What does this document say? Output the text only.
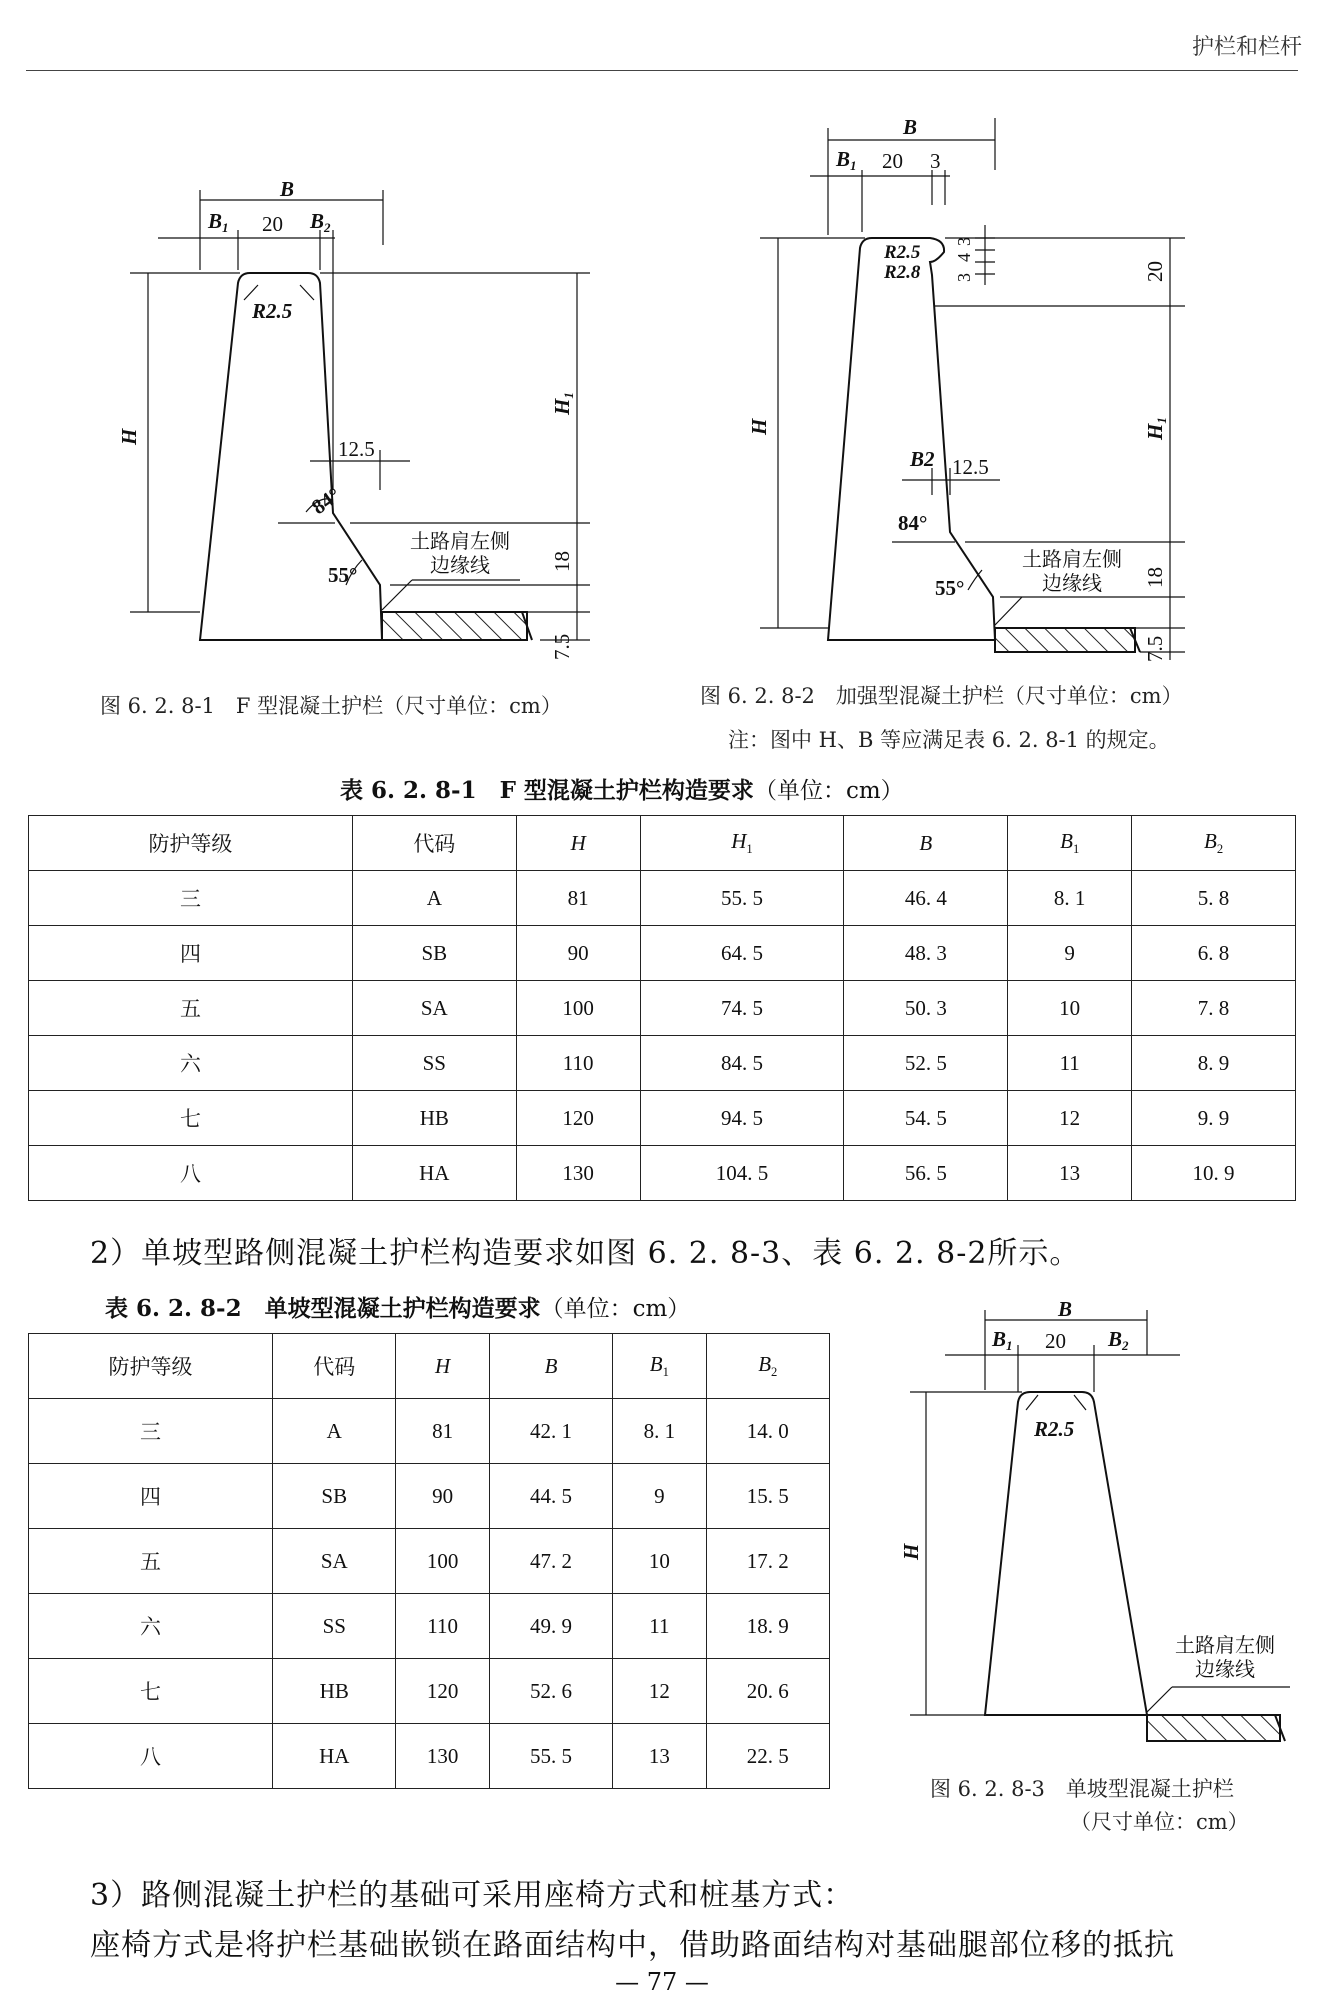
护栏和栏杆
B
B1 20 B2
R2.5
H
H1
12.5
84°
55°
18
7.5
土路肩左侧
边缘线
图 6. 2. 8-1　F 型混凝土护栏（尺寸单位：cm）
B
B1 20 3
R2.5
R2.8
3
4
3	20
H	H1
B2 12.5
84°
55°	18
7.5
土路肩左侧
边缘线
图 6. 2. 8-2　加强型混凝土护栏（尺寸单位：cm）
注：图中 H、B 等应满足表 6. 2. 8-1 的规定。
表 6. 2. 8-1　F 型混凝土护栏构造要求（单位：cm）
防护等级	代码	H	$H_1$	B	$B_1$	$B_2$
三	A	81	55. 5	46. 4	8. 1	5. 8
四	SB	90	64. 5	48. 3	9	6. 8
五	SA	100	74. 5	50. 3	10	7. 8
六	SS	110	84. 5	52. 5	11	8. 9
七	HB	120	94. 5	54. 5	12	9. 9
八	HA	130	104. 5	56. 5	13	10. 9
2）单坡型路侧混凝土护栏构造要求如图 6. 2. 8-3、表 6. 2. 8-2所示。
表 6. 2. 8-2　单坡型混凝土护栏构造要求（单位：cm）
防护等级	代码	H	B	$B_1$	$B_2$
三	A	81	42. 1	8. 1	14. 0
四	SB	90	44. 5	9	15. 5
五	SA	100	47. 2	10	17. 2
六	SS	110	49. 9	11	18. 9
七	HB	120	52. 6	12	20. 6
八	HA	130	55. 5	13	22. 5
B
B1 20 B2
R2.5
H
土路肩左侧
边缘线
图 6. 2. 8-3　单坡型混凝土护栏
（尺寸单位：cm）
3）路侧混凝土护栏的基础可采用座椅方式和桩基方式：
座椅方式是将护栏基础嵌锁在路面结构中，借助路面结构对基础腿部位移的抵抗
— 77 —
